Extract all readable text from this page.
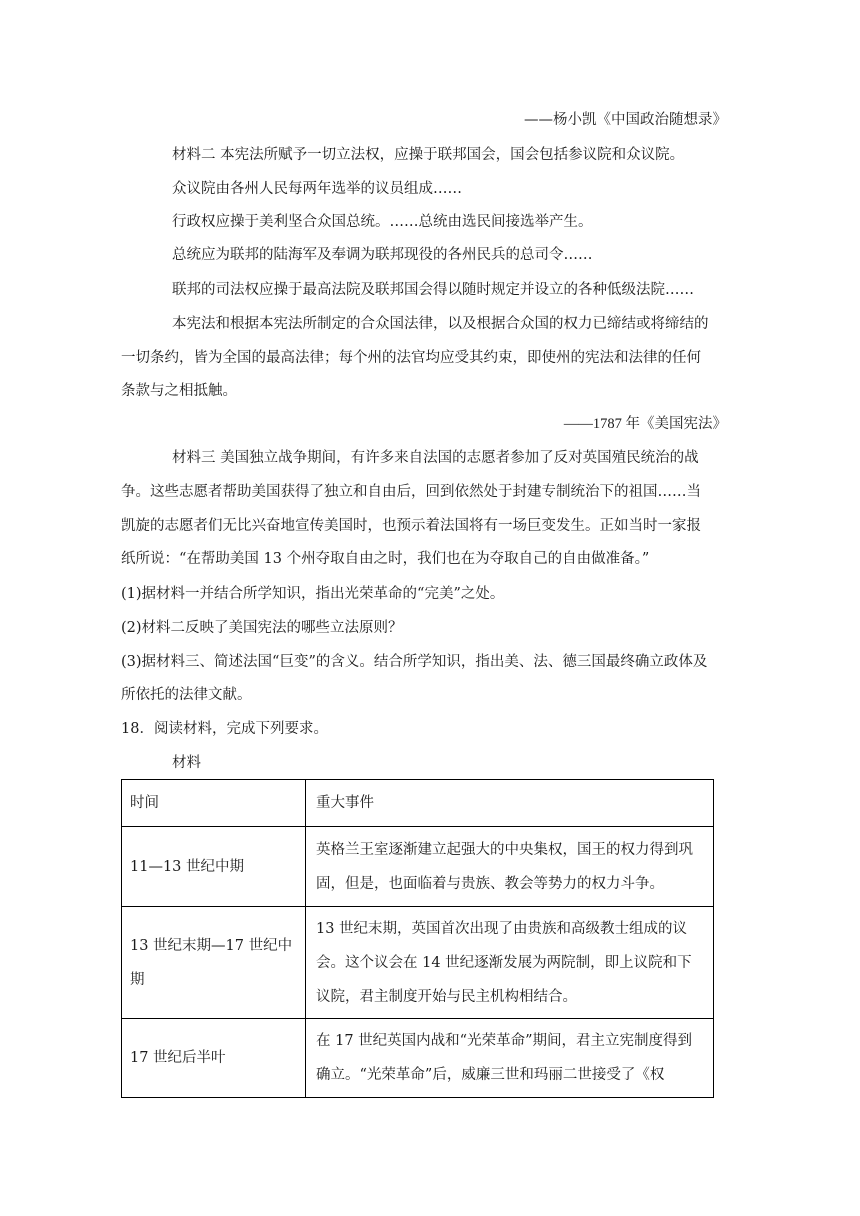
——杨小凯《中国政治随想录》
材料二 本宪法所赋予一切立法权，应操于联邦国会，国会包括参议院和众议院。
众议院由各州人民每两年选举的议员组成……
行政权应操于美利坚合众国总统。……总统由选民间接选举产生。
总统应为联邦的陆海军及奉调为联邦现役的各州民兵的总司令……
联邦的司法权应操于最高法院及联邦国会得以随时规定并设立的各种低级法院……
本宪法和根据本宪法所制定的合众国法律，以及根据合众国的权力已缔结或将缔结的
一切条约，皆为全国的最高法律；每个州的法官均应受其约束，即使州的宪法和法律的任何
条款与之相抵触。
——1787 年《美国宪法》
材料三 美国独立战争期间，有许多来自法国的志愿者参加了反对英国殖民统治的战
争。这些志愿者帮助美国获得了独立和自由后，回到依然处于封建专制统治下的祖国……当
凯旋的志愿者们无比兴奋地宣传美国时，也预示着法国将有一场巨变发生。正如当时一家报
纸所说：“在帮助美国 13 个州夺取自由之时，我们也在为夺取自己的自由做准备。”
(1)据材料一并结合所学知识，指出光荣革命的“完美”之处。
(2)材料二反映了美国宪法的哪些立法原则？
(3)据材料三、简述法国“巨变”的含义。结合所学知识，指出美、法、德三国最终确立政体及
所依托的法律文献。
18．阅读材料，完成下列要求。
材料
时间	重大事件
11—13 世纪中期	英格兰王室逐渐建立起强大的中央集权，国王的权力得到巩固，但是，也面临着与贵族、教会等势力的权力斗争。
13 世纪末期—17 世纪中期	13 世纪末期，英国首次出现了由贵族和高级教士组成的议会。这个议会在 14 世纪逐渐发展为两院制，即上议院和下议院，君主制度开始与民主机构相结合。
17 世纪后半叶	在 17 世纪英国内战和“光荣革命”期间，君主立宪制度得到确立。“光荣革命”后，威廉三世和玛丽二世接受了《权
